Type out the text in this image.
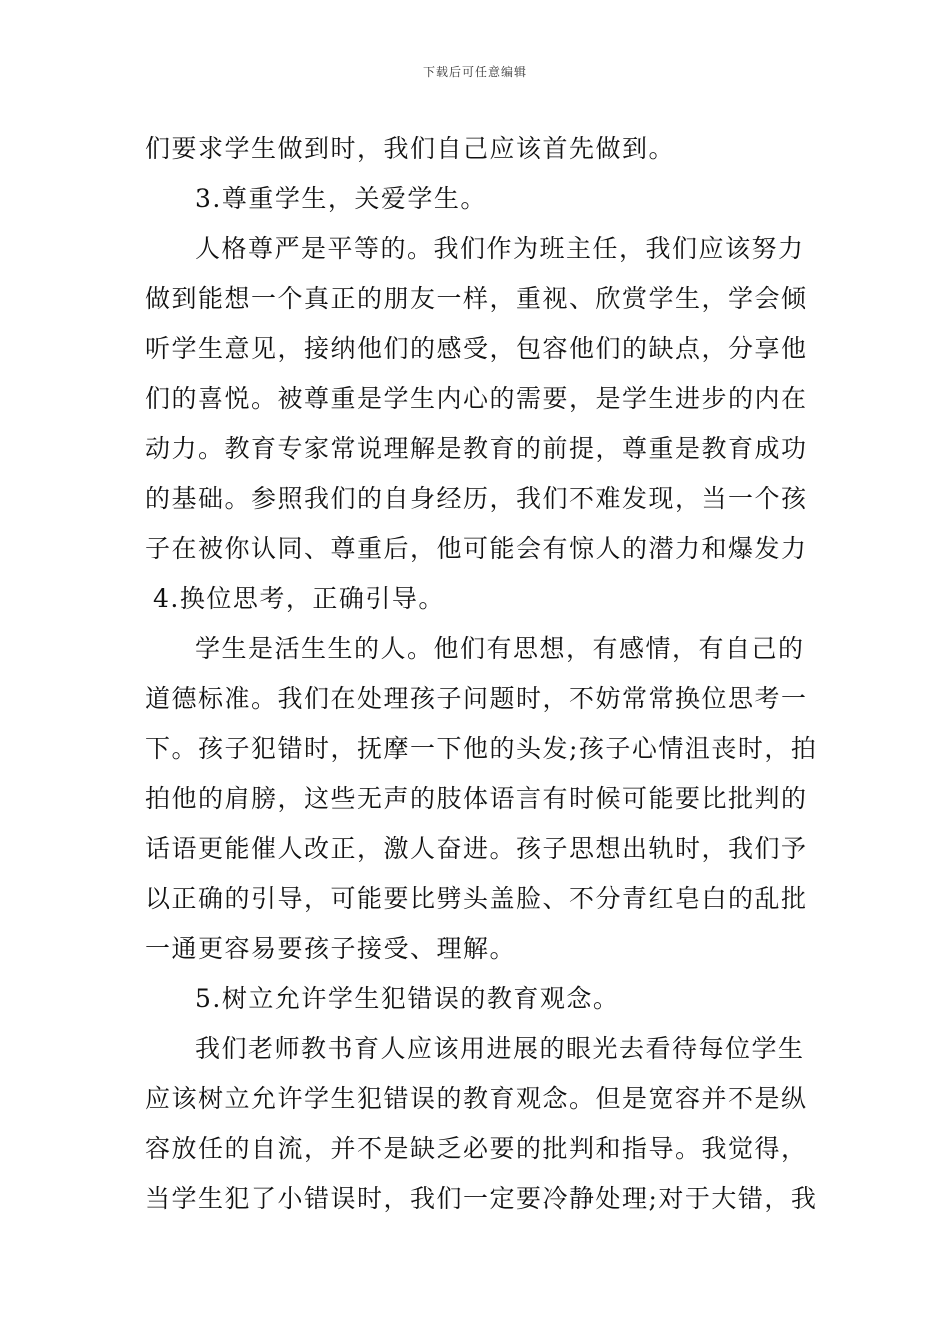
下载后可任意编辑
们要求学生做到时，我们自己应该首先做到。
3.尊重学生，关爱学生。
人格尊严是平等的。我们作为班主任，我们应该努力
做到能想一个真正的朋友一样，重视、欣赏学生，学会倾
听学生意见，接纳他们的感受，包容他们的缺点，分享他
们的喜悦。被尊重是学生内心的需要，是学生进步的内在
动力。教育专家常说理解是教育的前提，尊重是教育成功
的基础。参照我们的自身经历，我们不难发现，当一个孩
子在被你认同、尊重后，他可能会有惊人的潜力和爆发力
4.换位思考，正确引导。
学生是活生生的人。他们有思想，有感情，有自己的
道德标准。我们在处理孩子问题时，不妨常常换位思考一
下。孩子犯错时，抚摩一下他的头发;孩子心情沮丧时，拍
拍他的肩膀，这些无声的肢体语言有时候可能要比批判的
话语更能催人改正，激人奋进。孩子思想出轨时，我们予
以正确的引导，可能要比劈头盖脸、不分青红皂白的乱批
一通更容易要孩子接受、理解。
5.树立允许学生犯错误的教育观念。
我们老师教书育人应该用进展的眼光去看待每位学生
应该树立允许学生犯错误的教育观念。但是宽容并不是纵
容放任的自流，并不是缺乏必要的批判和指导。我觉得，
当学生犯了小错误时，我们一定要冷静处理;对于大错，我
